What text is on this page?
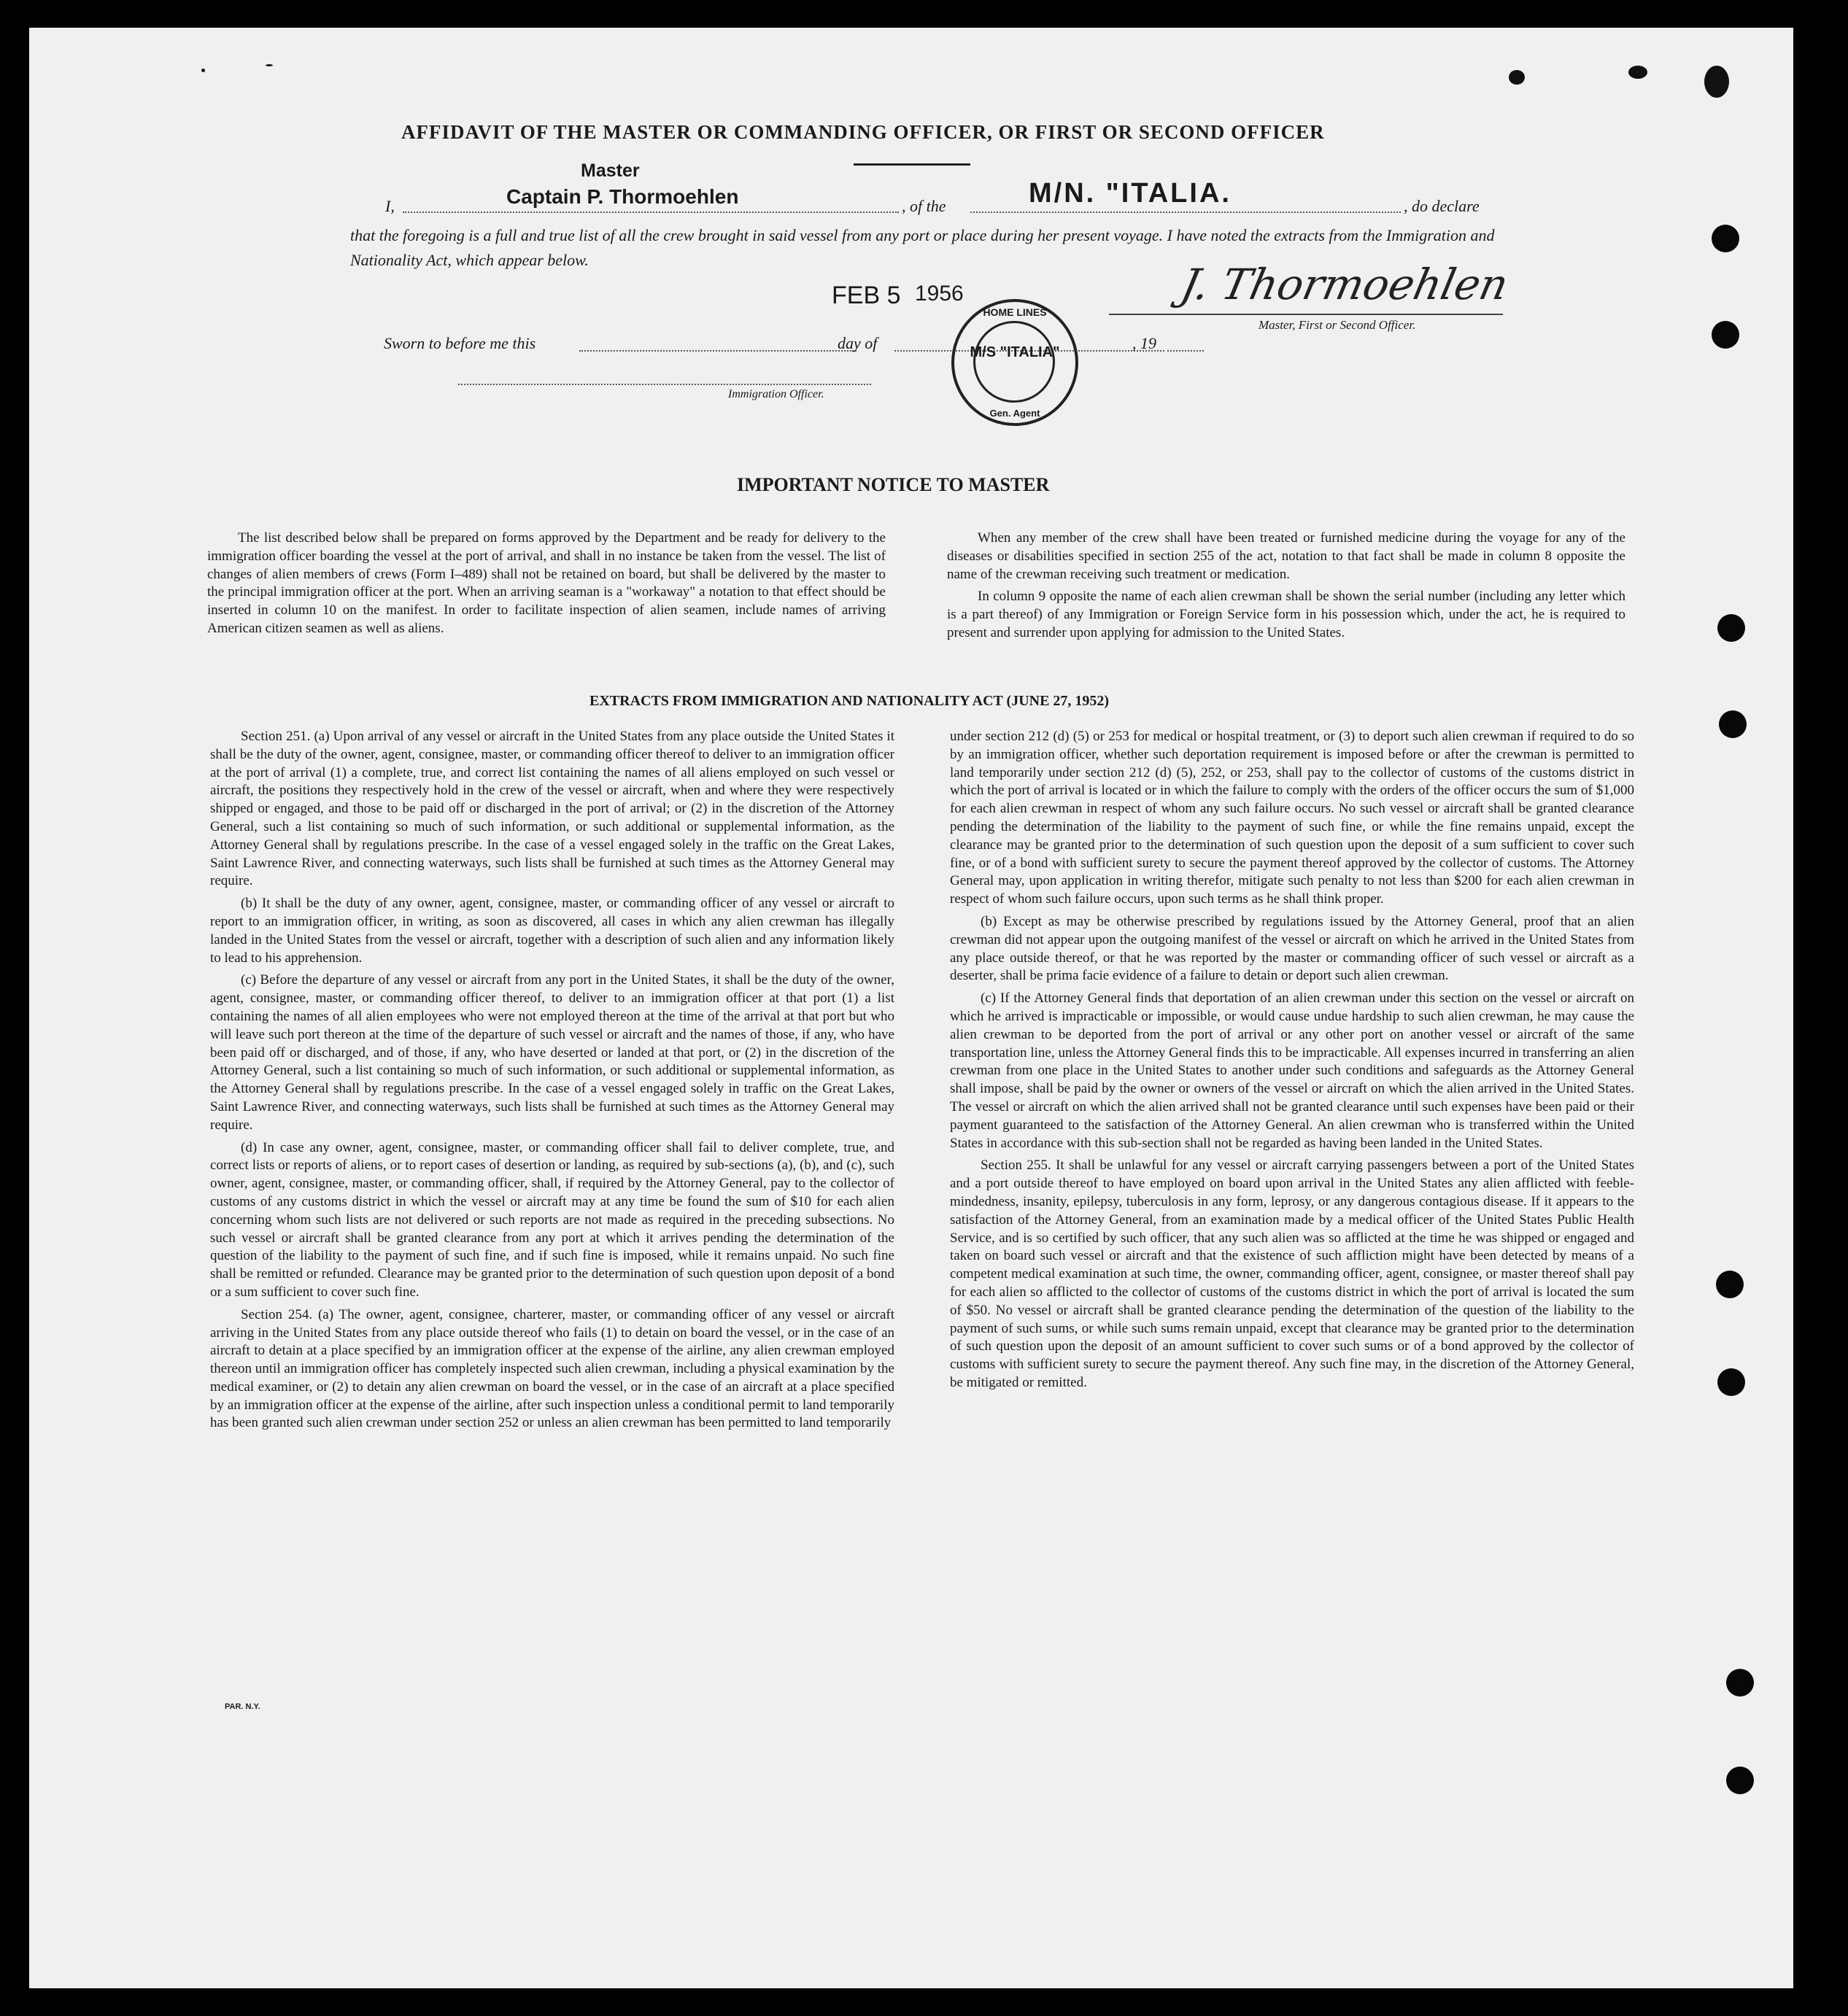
AFFIDAVIT OF THE MASTER OR COMMANDING OFFICER, OR FIRST OR SECOND OFFICER
Master
I,	Captain P. Thormoehlen	, of the	M/N. "ITALIA.	, do declare
that the foregoing is a full and true list of all the crew brought in said vessel from any port or place during her present voyage. I have noted the extracts from the Immigration and Nationality Act, which appear below.
FEB 5 1956	J. Thormoehlen
Master, First or Second Officer.
Sworn to before me this	day of	, 19
Immigration Officer.
HOME LINES
M/S "ITALIA"
Gen. Agent
IMPORTANT NOTICE TO MASTER

The list described below shall be prepared on forms approved by the Department and be ready for delivery to the immigration officer boarding the vessel at the port of arrival, and shall in no instance be taken from the vessel. The list of changes of alien members of crews (Form I–489) shall not be retained on board, but shall be delivered by the master to the principal immigration officer at the port. When an arriving seaman is a "workaway" a notation to that effect should be inserted in column 10 on the manifest. In order to facilitate inspection of alien seamen, include names of arriving American citizen seamen as well as aliens.

When any member of the crew shall have been treated or furnished medicine during the voyage for any of the diseases or disabilities specified in section 255 of the act, notation to that fact shall be made in column 8 opposite the name of the crewman receiving such treatment or medication.

In column 9 opposite the name of each alien crewman shall be shown the serial number (including any letter which is a part thereof) of any Immigration or Foreign Service form in his possession which, under the act, he is required to present and surrender upon applying for admission to the United States.

EXTRACTS FROM IMMIGRATION AND NATIONALITY ACT (JUNE 27, 1952)

Section 251. (a) Upon arrival of any vessel or aircraft in the United States from any place outside the United States it shall be the duty of the owner, agent, consignee, master, or commanding officer thereof to deliver to an immigration officer at the port of arrival (1) a complete, true, and correct list containing the names of all aliens employed on such vessel or aircraft, the positions they respectively hold in the crew of the vessel or aircraft, when and where they were respectively shipped or engaged, and those to be paid off or discharged in the port of arrival; or (2) in the discretion of the Attorney General, such a list containing so much of such information, or such additional or supplemental information, as the Attorney General shall by regulations prescribe. In the case of a vessel engaged solely in the traffic on the Great Lakes, Saint Lawrence River, and connecting waterways, such lists shall be furnished at such times as the Attorney General may require.

(b) It shall be the duty of any owner, agent, consignee, master, or commanding officer of any vessel or aircraft to report to an immigration officer, in writing, as soon as discovered, all cases in which any alien crewman has illegally landed in the United States from the vessel or aircraft, together with a description of such alien and any information likely to lead to his apprehension.

(c) Before the departure of any vessel or aircraft from any port in the United States, it shall be the duty of the owner, agent, consignee, master, or commanding officer thereof, to deliver to an immigration officer at that port (1) a list containing the names of all alien employees who were not employed thereon at the time of the arrival at that port but who will leave such port thereon at the time of the departure of such vessel or aircraft and the names of those, if any, who have been paid off or discharged, and of those, if any, who have deserted or landed at that port, or (2) in the discretion of the Attorney General, such a list containing so much of such information, or such additional or supplemental information, as the Attorney General shall by regulations prescribe. In the case of a vessel engaged solely in traffic on the Great Lakes, Saint Lawrence River, and connecting waterways, such lists shall be furnished at such times as the Attorney General may require.

(d) In case any owner, agent, consignee, master, or commanding officer shall fail to deliver complete, true, and correct lists or reports of aliens, or to report cases of desertion or landing, as required by sub-sections (a), (b), and (c), such owner, agent, consignee, master, or commanding officer, shall, if required by the Attorney General, pay to the collector of customs of any customs district in which the vessel or aircraft may at any time be found the sum of $10 for each alien concerning whom such lists are not delivered or such reports are not made as required in the preceding subsections. No such vessel or aircraft shall be granted clearance from any port at which it arrives pending the determination of the question of the liability to the payment of such fine, and if such fine is imposed, while it remains unpaid. No such fine shall be remitted or refunded. Clearance may be granted prior to the determination of such question upon deposit of a bond or a sum sufficient to cover such fine.

Section 254. (a) The owner, agent, consignee, charterer, master, or commanding officer of any vessel or aircraft arriving in the United States from any place outside thereof who fails (1) to detain on board the vessel, or in the case of an aircraft to detain at a place specified by an immigration officer at the expense of the airline, any alien crewman employed thereon until an immigration officer has completely inspected such alien crewman, including a physical examination by the medical examiner, or (2) to detain any alien crewman on board the vessel, or in the case of an aircraft at a place specified by an immigration officer at the expense of the airline, after such inspection unless a conditional permit to land temporarily has been granted such alien crewman under section 252 or unless an alien crewman has been permitted to land temporarily

under section 212 (d) (5) or 253 for medical or hospital treatment, or (3) to deport such alien crewman if required to do so by an immigration officer, whether such deportation requirement is imposed before or after the crewman is permitted to land temporarily under section 212 (d) (5), 252, or 253, shall pay to the collector of customs of the customs district in which the port of arrival is located or in which the failure to comply with the orders of the officer occurs the sum of $1,000 for each alien crewman in respect of whom any such failure occurs. No such vessel or aircraft shall be granted clearance pending the determination of the liability to the payment of such fine, or while the fine remains unpaid, except the clearance may be granted prior to the determination of such question upon the deposit of a sum sufficient to cover such fine, or of a bond with sufficient surety to secure the payment thereof approved by the collector of customs. The Attorney General may, upon application in writing therefor, mitigate such penalty to not less than $200 for each alien crewman in respect of whom such failure occurs, upon such terms as he shall think proper.

(b) Except as may be otherwise prescribed by regulations issued by the Attorney General, proof that an alien crewman did not appear upon the outgoing manifest of the vessel or aircraft on which he arrived in the United States from any place outside thereof, or that he was reported by the master or commanding officer of such vessel or aircraft as a deserter, shall be prima facie evidence of a failure to detain or deport such alien crewman.

(c) If the Attorney General finds that deportation of an alien crewman under this section on the vessel or aircraft on which he arrived is impracticable or impossible, or would cause undue hardship to such alien crewman, he may cause the alien crewman to be deported from the port of arrival or any other port on another vessel or aircraft of the same transportation line, unless the Attorney General finds this to be impracticable. All expenses incurred in transferring an alien crewman from one place in the United States to another under such conditions and safeguards as the Attorney General shall impose, shall be paid by the owner or owners of the vessel or aircraft on which the alien arrived in the United States. The vessel or aircraft on which the alien arrived shall not be granted clearance until such expenses have been paid or their payment guaranteed to the satisfaction of the Attorney General. An alien crewman who is transferred within the United States in accordance with this sub-section shall not be regarded as having been landed in the United States.

Section 255. It shall be unlawful for any vessel or aircraft carrying passengers between a port of the United States and a port outside thereof to have employed on board upon arrival in the United States any alien afflicted with feeble-mindedness, insanity, epilepsy, tuberculosis in any form, leprosy, or any dangerous contagious disease. If it appears to the satisfaction of the Attorney General, from an examination made by a medical officer of the United States Public Health Service, and is so certified by such officer, that any such alien was so afflicted at the time he was shipped or engaged and taken on board such vessel or aircraft and that the existence of such affliction might have been detected by means of a competent medical examination at such time, the owner, commanding officer, agent, consignee, or master thereof shall pay for each alien so afflicted to the collector of customs of the customs district in which the port of arrival is located the sum of $50. No vessel or aircraft shall be granted clearance pending the determination of the question of the liability to the payment of such sums, or while such sums remain unpaid, except that clearance may be granted prior to the determination of such question upon the deposit of an amount sufficient to cover such sums or of a bond approved by the collector of customs with sufficient surety to secure the payment thereof. Any such fine may, in the discretion of the Attorney General, be mitigated or remitted.

PAR. N.Y.
